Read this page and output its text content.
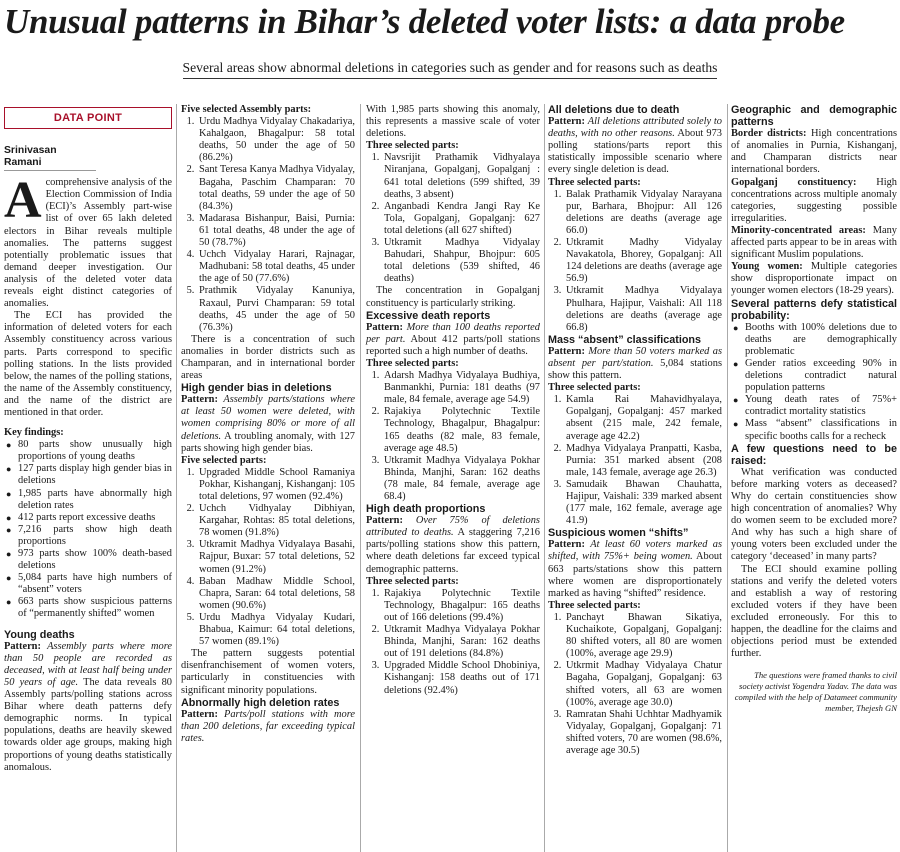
Unusual patterns in Bihar’s deleted voter lists: a data probe
Several areas show abnormal deletions in categories such as gender and for reasons such as deaths
DATA POINT
Srinivasan Ramani

Acomprehensive analysis of the Election Commission of India (ECI)’s Assembly part-wise list of over 65 lakh deleted electors in Bihar reveals multiple anomalies. The patterns suggest potentially problematic issues that demand deeper investigation. Our analysis of the deleted voter data reveals eight distinct categories of anomalies.

The ECI has provided the information of deleted voters for each Assembly constituency across various parts. Parts correspond to specific polling stations. In the lists provided below, the names of the polling stations, the name of the Assembly constituency, and the name of the district are mentioned in that order.

Key findings:

● 80 parts show unusually high proportions of young deaths
● 127 parts display high gender bias in deletions
● 1,985 parts have abnormally high deletion rates
● 412 parts report excessive deaths
● 7,216 parts show high death proportions
● 973 parts show 100% death-based deletions
● 5,084 parts have high numbers of “absent” voters
● 663 parts show suspicious patterns of “permanently shifted” women

Young deaths

Pattern: Assembly parts where more than 50 people are recorded as deceased, with at least half being under 50 years of age. The data reveals 80 Assembly parts/polling stations across Bihar where death patterns defy demographic norms. In typical populations, deaths are heavily skewed towards older age groups, making high proportions of young deaths statistically anomalous.

Five selected Assembly parts:

1. Urdu Madhya Vidyalay Chakadariya, Kahalgaon, Bhagalpur: 58 total deaths, 50 under the age of 50 (86.2%)
2. Sant Teresa Kanya Madhya Vidyalay, Bagaha, Paschim Champaran: 70 total deaths, 59 under the age of 50 (84.3%)
3. Madarasa Bishanpur, Baisi, Purnia: 61 total deaths, 48 under the age of 50 (78.7%)
4. Uchch Vidyalay Harari, Rajnagar, Madhubani: 58 total deaths, 45 under the age of 50 (77.6%)
5. Prathmik Vidyalay Kanuniya, Raxaul, Purvi Champaran: 59 total deaths, 45 under the age of 50 (76.3%)

There is a concentration of such anomalies in border districts such as Champaran, and in international border areas

High gender bias in deletions

Pattern: Assembly parts/stations where at least 50 women were deleted, with women comprising 80% or more of all deletions. A troubling anomaly, with 127 parts showing high gender bias.

Five selected parts:

1. Upgraded Middle School Ramaniya Pokhar, Kishanganj, Kishanganj: 105 total deletions, 97 women (92.4%)
2. Uchch Vidhyalay Dibhiyan, Kargahar, Rohtas: 85 total deletions, 78 women (91.8%)
3. Utkramit Madhya Vidyalaya Basahi, Rajpur, Buxar: 57 total deletions, 52 women (91.2%)
4. Baban Madhaw Middle School, Chapra, Saran: 64 total deletions, 58 women (90.6%)
5. Urdu Madhya Vidyalay Kudari, Bhabua, Kaimur: 64 total deletions, 57 women (89.1%)

The pattern suggests potential disenfranchisement of women voters, particularly in constituencies with significant minority populations.

Abnormally high deletion rates

Pattern: Parts/poll stations with more than 200 deletions, far exceeding typical rates.

With 1,985 parts showing this anomaly, this represents a massive scale of voter deletions.

Three selected parts:

1. Navsrijit Prathamik Vidhyalaya Niranjana, Gopalganj, Gopalganj : 641 total deletions (599 shifted, 39 deaths, 3 absent)
2. Anganbadi Kendra Jangi Ray Ke Tola, Gopalganj, Gopalganj: 627 total deletions (all 627 shifted)
3. Utkramit Madhya Vidyalay Bahudari, Shahpur, Bhojpur: 605 total deletions (539 shifted, 46 deaths)

The concentration in Gopalganj constituency is particularly striking.

Excessive death reports

Pattern: More than 100 deaths reported per part. About 412 parts/poll stations reported such a high number of deaths.

Three selected parts:

1. Adarsh Madhya Vidyalaya Budhiya, Banmankhi, Purnia: 181 deaths (97 male, 84 female, average age 54.9)
2. Rajakiya Polytechnic Textile Technology, Bhagalpur, Bhagalpur: 165 deaths (82 male, 83 female, average age 48.5)
3. Utkramit Madhya Vidyalaya Pokhar Bhinda, Manjhi, Saran: 162 deaths (78 male, 84 female, average age 68.4)

High death proportions

Pattern: Over 75% of deletions attributed to deaths. A staggering 7,216 parts/polling stations show this pattern, where death deletions far exceed typical demographic patterns.

Three selected parts:

1. Rajakiya Polytechnic Textile Technology, Bhagalpur: 165 deaths out of 166 deletions (99.4%)
2. Utkramit Madhya Vidyalaya Pokhar Bhinda, Manjhi, Saran: 162 deaths out of 191 deletions (84.8%)
3. Upgraded Middle School Dhobiniya, Kishanganj: 158 deaths out of 171 deletions (92.4%)

All deletions due to death

Pattern: All deletions attributed solely to deaths, with no other reasons. About 973 polling stations/parts report this statistically impossible scenario where every single deletion is dead.

Three selected parts:

1. Balak Prathamik Vidyalay Narayana pur, Barhara, Bhojpur: All 126 deletions are deaths (average age 66.0)
2. Utkramit Madhy Vidyalay Navakatola, Bhorey, Gopalganj: All 124 deletions are deaths (average age 56.9)
3. Utkramit Madhya Vidyalaya Phulhara, Hajipur, Vaishali: All 118 deletions are deaths (average age 66.8)

Mass “absent” classifications

Pattern: More than 50 voters marked as absent per part/station. 5,084 stations show this pattern.

Three selected parts:

1. Kamla Rai Mahavidhyalaya, Gopalganj, Gopalganj: 457 marked absent (215 male, 242 female, average age 42.2)
2. Madhya Vidyalaya Pranpatti, Kasba, Purnia: 351 marked absent (208 male, 143 female, average age 26.3)
3. Samudaik Bhawan Chauhatta, Hajipur, Vaishali: 339 marked absent (177 male, 162 female, average age 41.9)

Suspicious women “shifts”

Pattern: At least 60 voters marked as shifted, with 75%+ being women. About 663 parts/stations show this pattern where women are disproportionately marked as having “shifted” residence.

Three selected parts:

1. Panchayt Bhawan Sikatiya, Kuchaikote, Gopalganj, Gopalganj: 80 shifted voters, all 80 are women (100%, average age 29.9)
2. Utkrmit Madhay Vidyalaya Chatur Bagaha, Gopalganj, Gopalganj: 63 shifted voters, all 63 are women (100%, average age 30.0)
3. Ramratan Shahi Uchhtar Madhyamik Vidyalay, Gopalganj, Gopalganj: 71 shifted voters, 70 are women (98.6%, average age 30.5)

Geographic and demographic patterns

Border districts: High concentrations of anomalies in Purnia, Kishanganj, and Champaran districts near international borders.

Gopalganj constituency: High concentrations across multiple anomaly categories, suggesting possible irregularities.

Minority-concentrated areas: Many affected parts appear to be in areas with significant Muslim populations.

Young women: Multiple categories show disproportionate impact on younger women electors (18-29 years).

Several patterns defy statistical probability:

● Booths with 100% deletions due to deaths are demographically problematic
● Gender ratios exceeding 90% in deletions contradict natural population patterns
● Young death rates of 75%+ contradict mortality statistics
● Mass “absent” classifications in specific booths calls for a recheck

A few questions need to be raised:

What verification was conducted before marking voters as deceased? Why do certain constituencies show high concentration of anomalies? Why do women seem to be excluded more? And why has such a high share of young voters been excluded under the category ‘deceased’ in many parts?

The ECI should examine polling stations and verify the deleted voters and establish a way of restoring excluded voters if they have been excluded erroneously. For this to happen, the deadline for the claims and objections period must be extended further.

The questions were framed thanks to civil society activist Yogendra Yadav. The data was compiled with the help of Datameet community member, Thejesh GN
